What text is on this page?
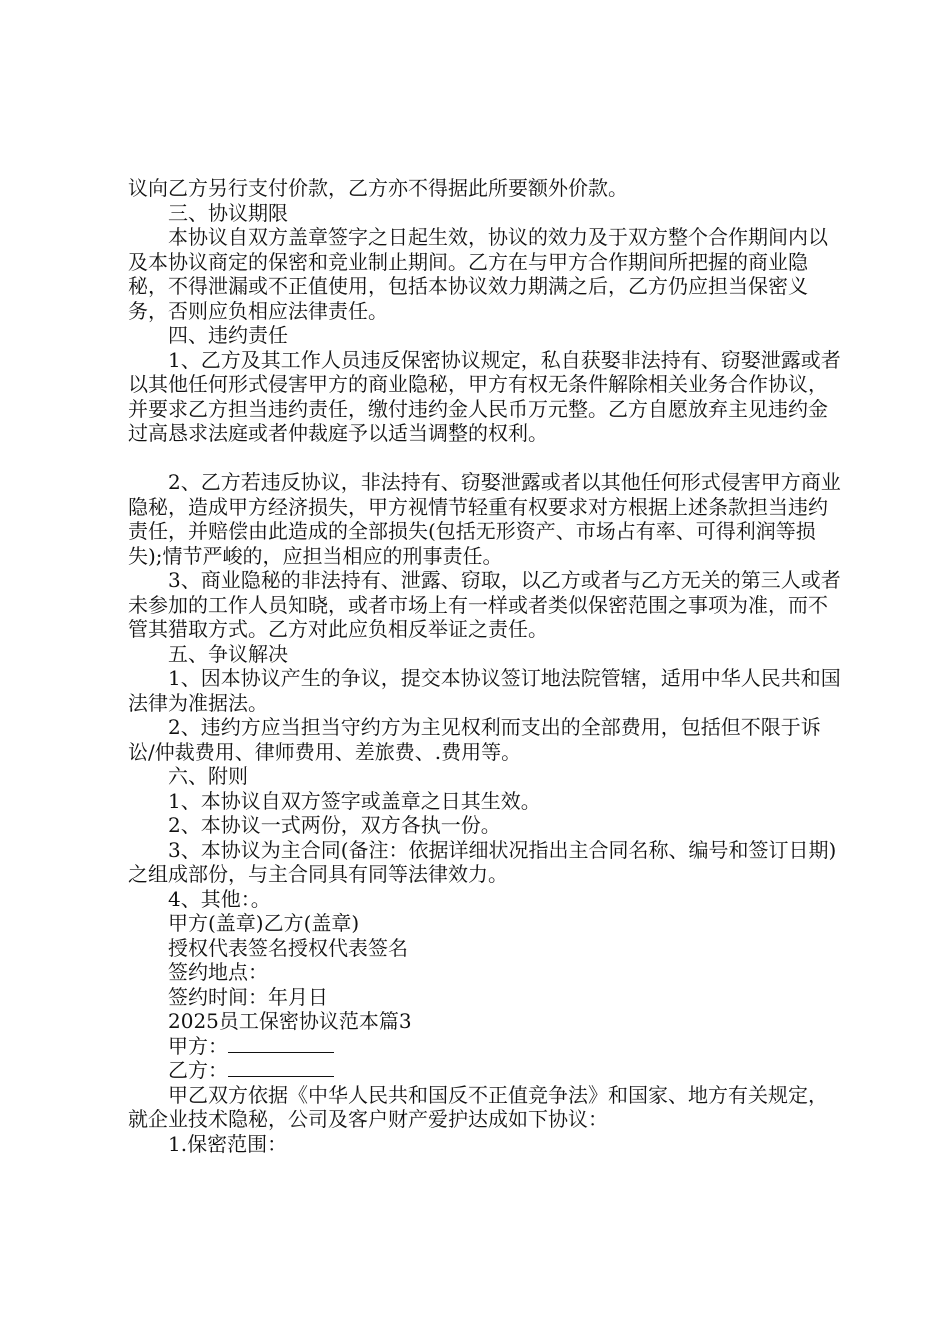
议向乙方另行支付价款，乙方亦不得据此所要额外价款。

三、协议期限

本协议自双方盖章签字之日起生效，协议的效力及于双方整个合作期间内以及本协议商定的保密和竞业制止期间。乙方在与甲方合作期间所把握的商业隐秘，不得泄漏或不正值使用，包括本协议效力期满之后，乙方仍应担当保密义务，否则应负相应法律责任。

四、违约责任

1、乙方及其工作人员违反保密协议规定，私自获娶非法持有、窃娶泄露或者以其他任何形式侵害甲方的商业隐秘，甲方有权无条件解除相关业务合作协议，并要求乙方担当违约责任，缴付违约金人民币万元整。乙方自愿放弃主见违约金过高恳求法庭或者仲裁庭予以适当调整的权利。

2、乙方若违反协议，非法持有、窃娶泄露或者以其他任何形式侵害甲方商业隐秘，造成甲方经济损失，甲方视情节轻重有权要求对方根据上述条款担当违约责任，并赔偿由此造成的全部损失(包括无形资产、市场占有率、可得利润等损失);情节严峻的，应担当相应的刑事责任。

3、商业隐秘的非法持有、泄露、窃取，以乙方或者与乙方无关的第三人或者未参加的工作人员知晓，或者市场上有一样或者类似保密范围之事项为准，而不管其猎取方式。乙方对此应负相反举证之责任。

五、争议解决

1、因本协议产生的争议，提交本协议签订地法院管辖，适用中华人民共和国法律为准据法。

2、违约方应当担当守约方为主见权利而支出的全部费用，包括但不限于诉讼/仲裁费用、律师费用、差旅费、.费用等。

六、附则

1、本协议自双方签字或盖章之日其生效。

2、本协议一式两份，双方各执一份。

3、本协议为主合同(备注：依据详细状况指出主合同名称、编号和签订日期)之组成部份，与主合同具有同等法律效力。

4、其他：。

甲方(盖章)乙方(盖章)

授权代表签名授权代表签名

签约地点：

签约时间：年月日

2025员工保密协议范本篇3

甲方：

乙方：

甲乙双方依据《中华人民共和国反不正值竞争法》和国家、地方有关规定，就企业技术隐秘，公司及客户财产爱护达成如下协议：

1.保密范围：
